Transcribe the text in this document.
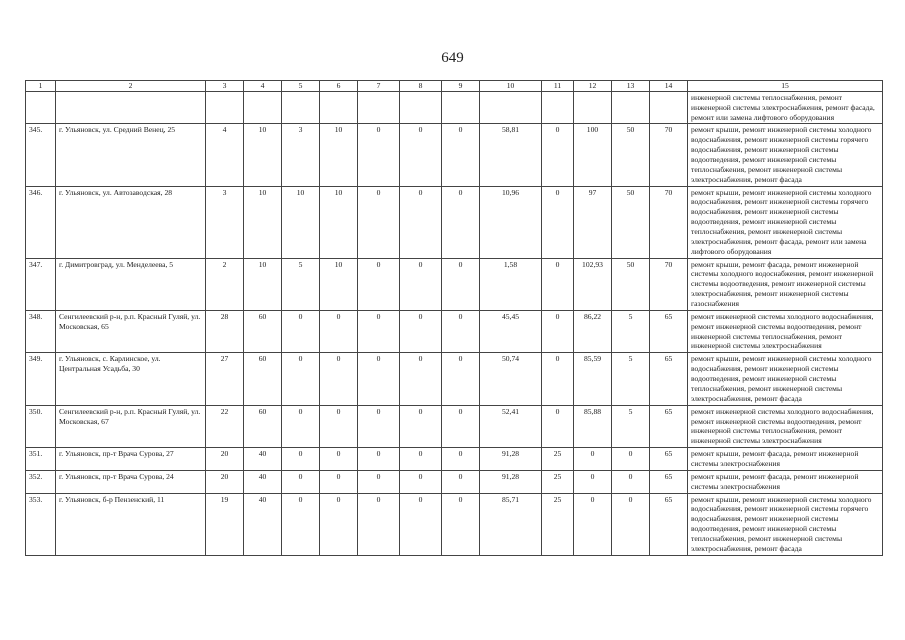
649
1	2	3	4	5	6	7	8	9	10	11	12	13	14	15
														инженерной системы теплоснабжения, ремонт инженерной системы электроснабжения, ремонт фасада, ремонт или замена лифтового оборудования
345.	г. Ульяновск, ул. Средний Венец, 25	4	10	3	10	0	0	0	58,81	0	100	50	70	ремонт крыши, ремонт инженерной системы холодного водоснабжения, ремонт инженерной системы горячего водоснабжения, ремонт инженерной системы водоотведения, ремонт инженерной системы теплоснабжения, ремонт инженерной системы электроснабжения, ремонт фасада
346.	г. Ульяновск, ул. Автозаводская, 28	3	10	10	10	0	0	0	10,96	0	97	50	70	ремонт крыши, ремонт инженерной системы холодного водоснабжения, ремонт инженерной системы горячего водоснабжения, ремонт инженерной системы водоотведения, ремонт инженерной системы теплоснабжения, ремонт инженерной системы электроснабжения, ремонт фасада, ремонт или замена лифтового оборудования
347.	г. Димитровград, ул. Менделеева, 5	2	10	5	10	0	0	0	1,58	0	102,93	50	70	ремонт крыши, ремонт фасада, ремонт инженерной системы холодного водоснабжения, ремонт инженерной системы водоотведения, ремонт инженерной системы электроснабжения, ремонт инженерной системы газоснабжения
348.	Сенгилеевский р-н, р.п. Красный Гуляй, ул. Московская, 65	28	60	0	0	0	0	0	45,45	0	86,22	5	65	ремонт инженерной системы холодного водоснабжения, ремонт инженерной системы водоотведения, ремонт инженерной системы теплоснабжения, ремонт инженерной системы электроснабжения
349.	г. Ульяновск, с. Карлинское, ул. Центральная Усадьба, 30	27	60	0	0	0	0	0	50,74	0	85,59	5	65	ремонт крыши, ремонт инженерной системы холодного водоснабжения, ремонт инженерной системы водоотведения, ремонт инженерной системы теплоснабжения, ремонт инженерной системы электроснабжения, ремонт фасада
350.	Сенгилеевский р-н, р.п. Красный Гуляй, ул. Московская, 67	22	60	0	0	0	0	0	52,41	0	85,88	5	65	ремонт инженерной системы холодного водоснабжения, ремонт инженерной системы водоотведения, ремонт инженерной системы теплоснабжения, ремонт инженерной системы электроснабжения
351.	г. Ульяновск, пр-т Врача Сурова, 27	20	40	0	0	0	0	0	91,28	25	0	0	65	ремонт крыши, ремонт фасада, ремонт инженерной системы электроснабжения
352.	г. Ульяновск, пр-т Врача Сурова, 24	20	40	0	0	0	0	0	91,28	25	0	0	65	ремонт крыши, ремонт фасада, ремонт инженерной системы электроснабжения
353.	г. Ульяновск, б-р Пензенский, 11	19	40	0	0	0	0	0	85,71	25	0	0	65	ремонт крыши, ремонт инженерной системы холодного водоснабжения, ремонт инженерной системы горячего водоснабжения, ремонт инженерной системы водоотведения, ремонт инженерной системы теплоснабжения, ремонт инженерной системы электроснабжения, ремонт фасада
